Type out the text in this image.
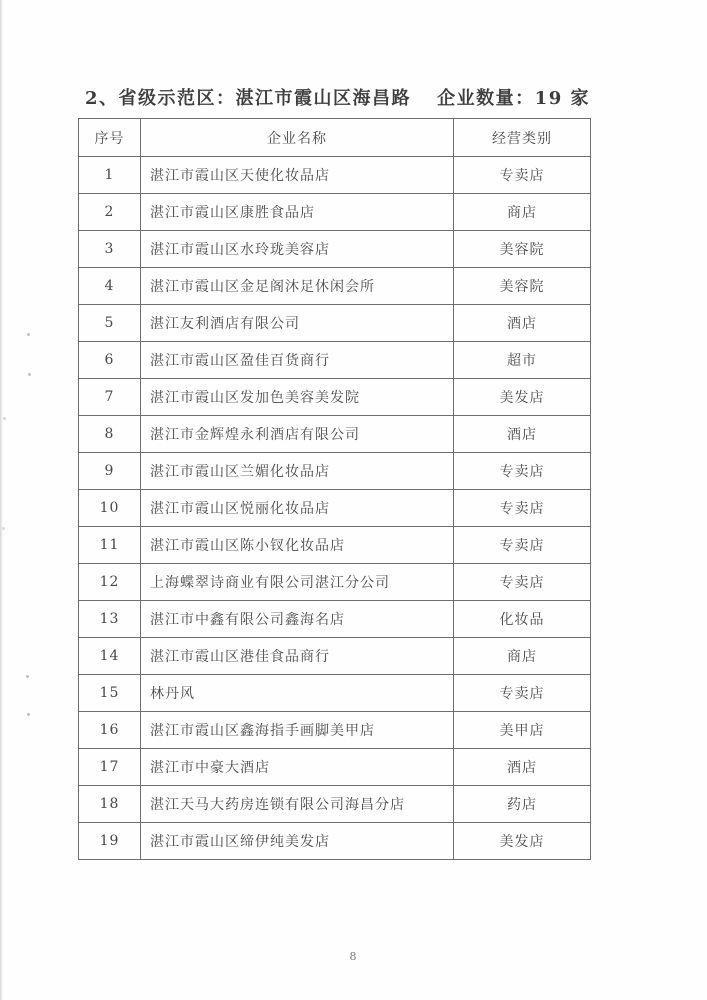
2、省级示范区：湛江市霞山区海昌路 企业数量：19 家
序号	企业名称	经营类别
1	湛江市霞山区天使化妆品店	专卖店
2	湛江市霞山区康胜食品店	商店
3	湛江市霞山区水玲珑美容店	美容院
4	湛江市霞山区金足阁沐足休闲会所	美容院
5	湛江友利酒店有限公司	酒店
6	湛江市霞山区盈佳百货商行	超市
7	湛江市霞山区发加色美容美发院	美发店
8	湛江市金辉煌永利酒店有限公司	酒店
9	湛江市霞山区兰媚化妆品店	专卖店
10	湛江市霞山区悦丽化妆品店	专卖店
11	湛江市霞山区陈小钗化妆品店	专卖店
12	上海蝶翠诗商业有限公司湛江分公司	专卖店
13	湛江市中鑫有限公司鑫海名店	化妆品
14	湛江市霞山区港佳食品商行	商店
15	林丹风	专卖店
16	湛江市霞山区鑫海指手画脚美甲店	美甲店
17	湛江市中豪大酒店	酒店
18	湛江天马大药房连锁有限公司海昌分店	药店
19	湛江市霞山区缔伊纯美发店	美发店
8
